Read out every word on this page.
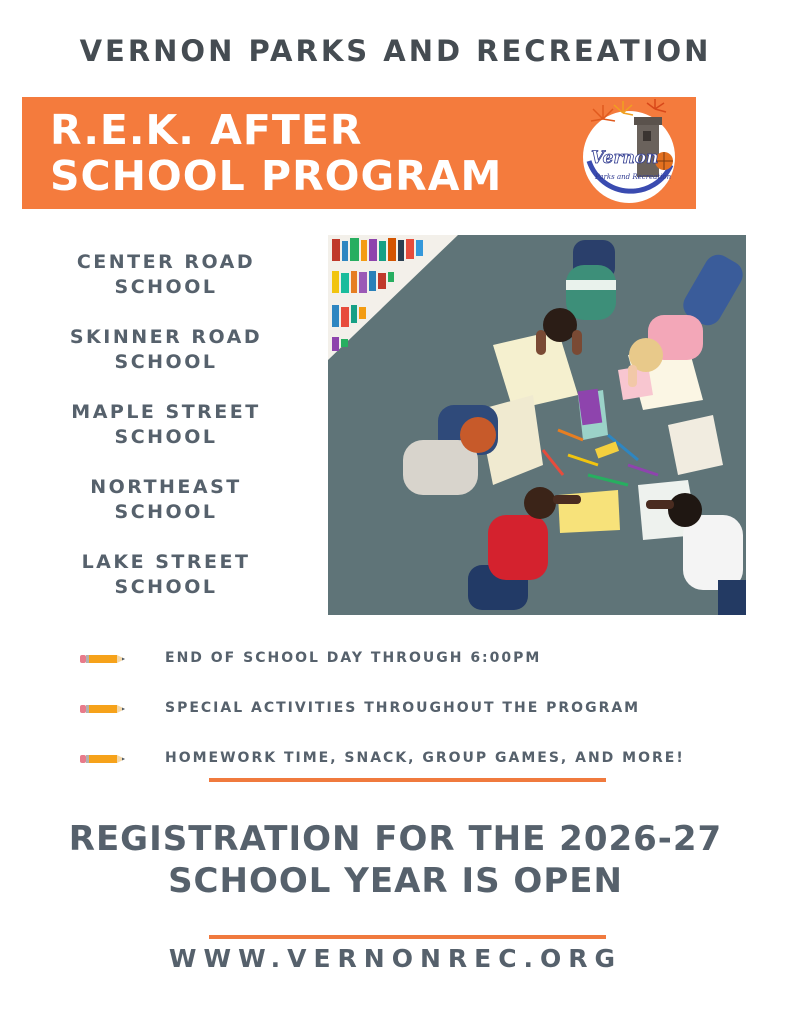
VERNON PARKS AND RECREATION
R.E.K. AFTER
SCHOOL PROGRAM	Vernon
Parks and Recreation
CENTER ROAD
SCHOOL
SKINNER ROAD
SCHOOL
MAPLE STREET
SCHOOL
NORTHEAST
SCHOOL
LAKE STREET
SCHOOL
END OF SCHOOL DAY THROUGH 6:00PM
SPECIAL ACTIVITIES THROUGHOUT THE PROGRAM
HOMEWORK TIME, SNACK, GROUP GAMES, AND MORE!
REGISTRATION FOR THE 2026-27
SCHOOL YEAR IS OPEN
WWW.VERNONREC.ORG
